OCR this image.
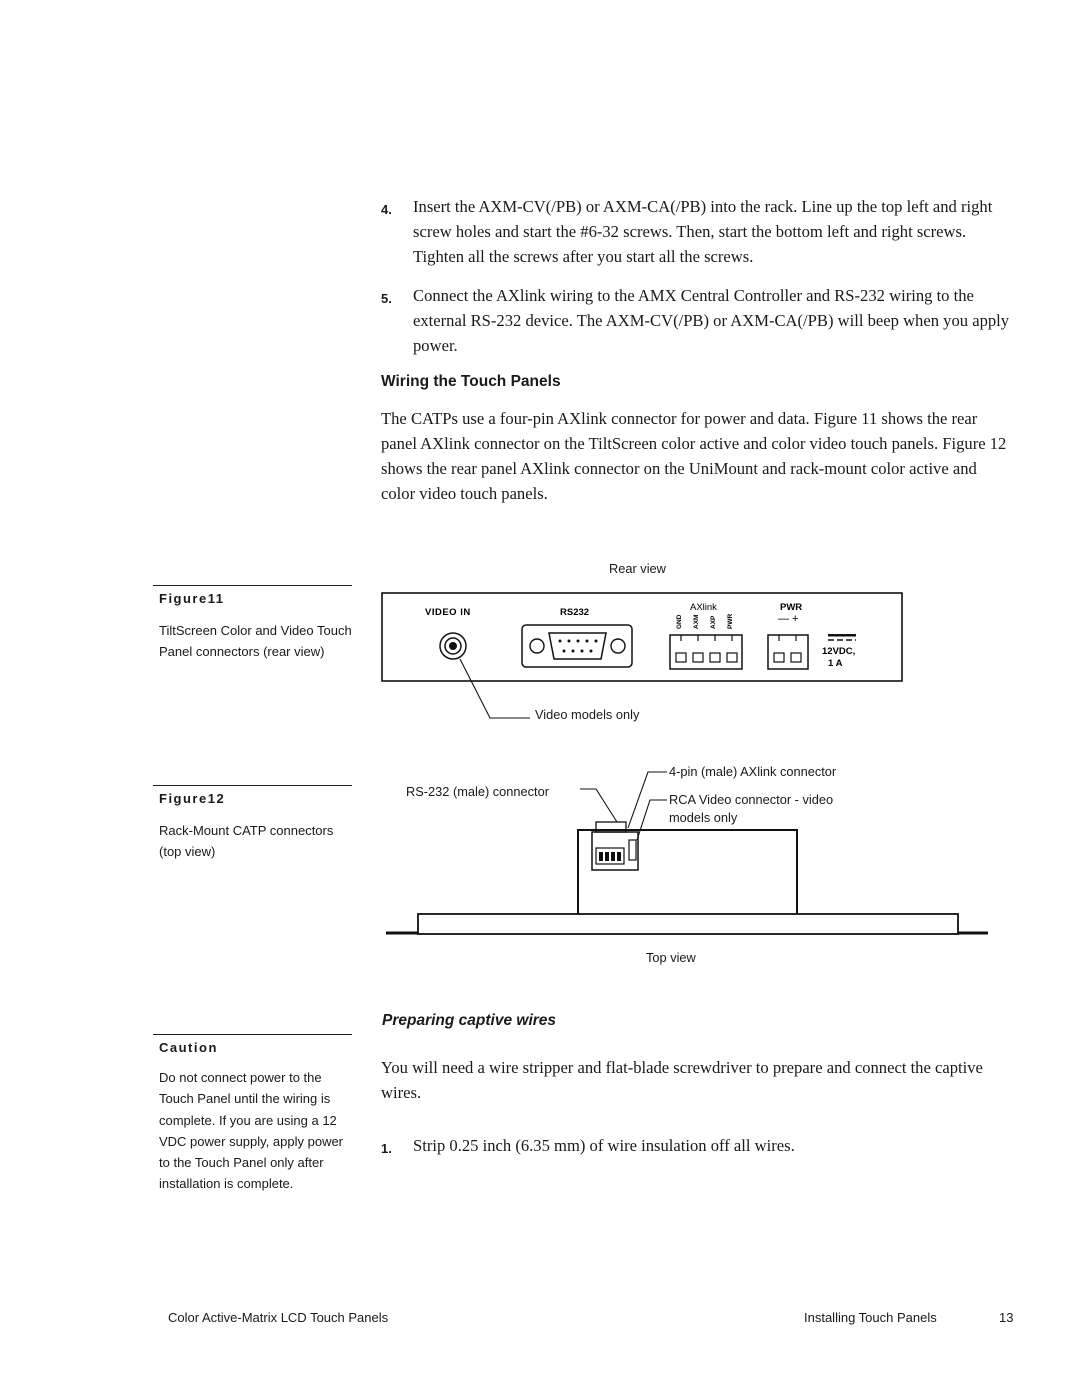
4. Insert the AXM-CV(/PB) or AXM-CA(/PB) into the rack. Line up the top left and right screw holes and start the #6-32 screws. Then, start the bottom left and right screws. Tighten all the screws after you start all the screws.
5. Connect the AXlink wiring to the AMX Central Controller and RS-232 wiring to the external RS-232 device. The AXM-CV(/PB) or AXM-CA(/PB) will beep when you apply power.
Wiring the Touch Panels
The CATPs use a four-pin AXlink connector for power and data. Figure 11 shows the rear panel AXlink connector on the TiltScreen color active and color video touch panels. Figure 12 shows the rear panel AXlink connector on the UniMount and rack-mount color active and color video touch panels.
Figure11
TiltScreen Color and Video Touch Panel connectors (rear view)
Figure12
Rack-Mount CATP connectors (top view)
Caution
Do not connect power to the Touch Panel until the wiring is complete. If you are using a 12 VDC power supply, apply power to the Touch Panel only after installation is complete.
Rear view
VIDEO IN	RS232	AXlink
GND AXM AXP PWR
PWR
— +
12VDC,
1 A
Video models only
4-pin (male) AXlink connector
RS-232 (male) connector
RCA Video connector - video
models only
Top view
Preparing captive wires
You will need a wire stripper and flat-blade screwdriver to prepare and connect the captive wires.
1. Strip 0.25 inch (6.35 mm) of wire insulation off all wires.
Color Active-Matrix LCD Touch Panels	Installing Touch Panels	13
